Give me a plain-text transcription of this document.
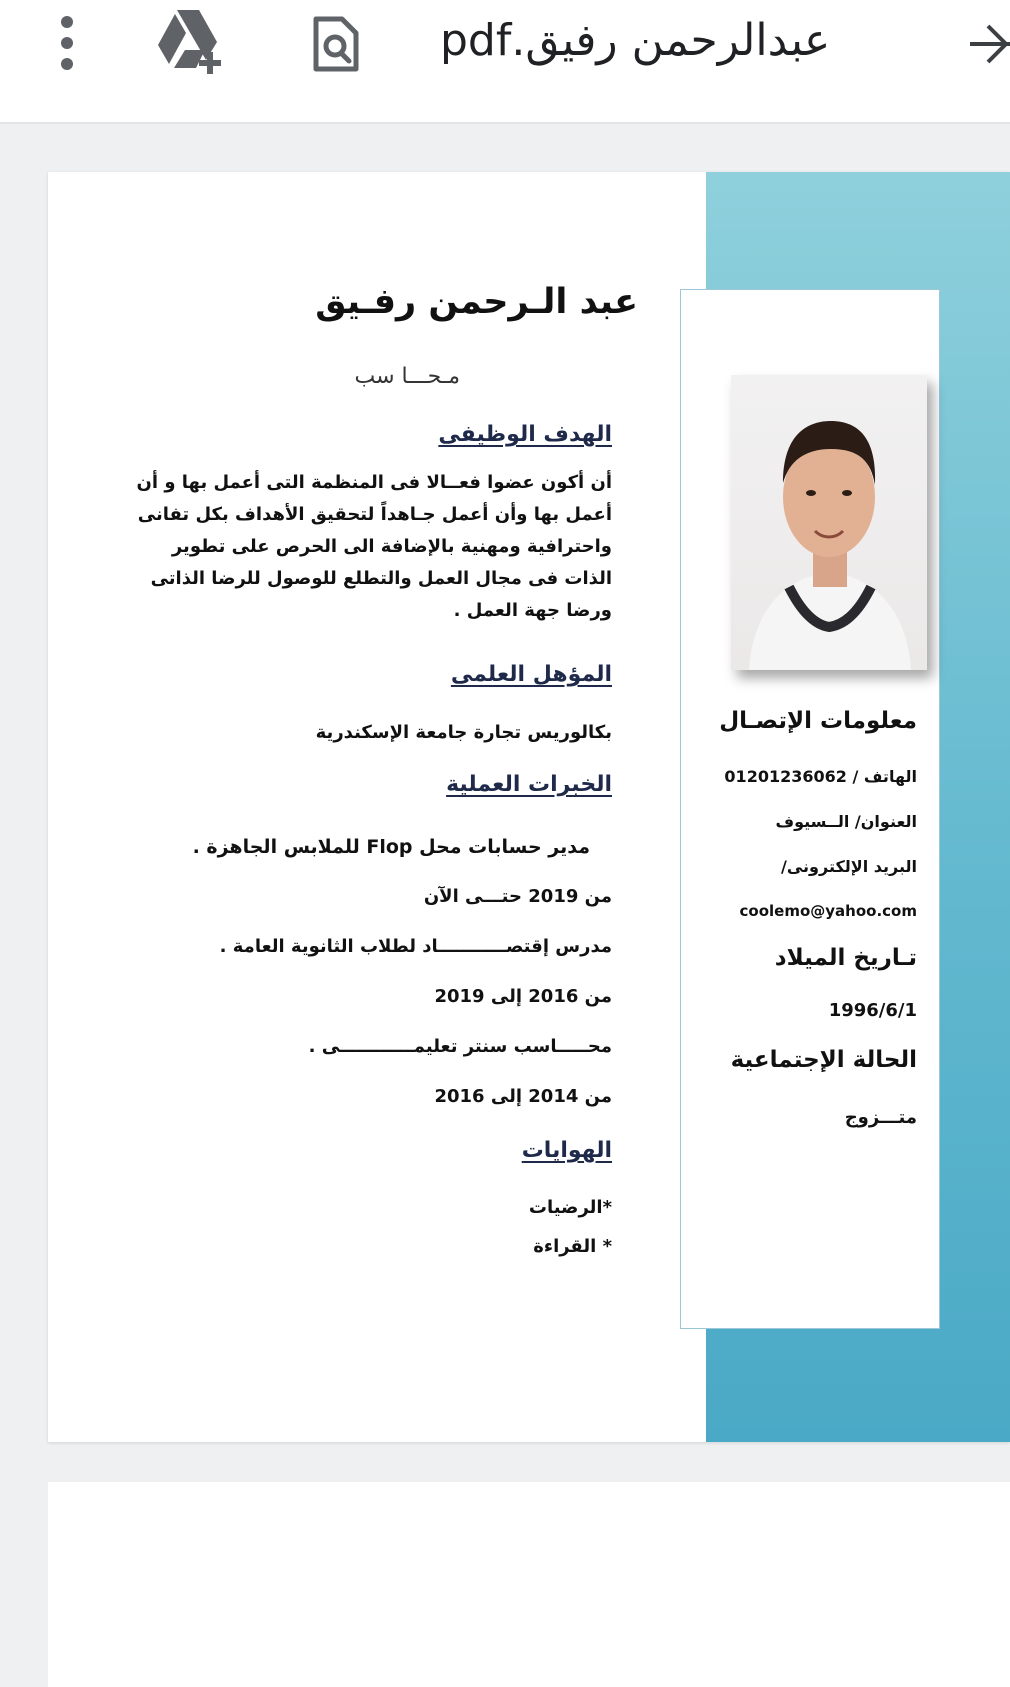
عبدالرحمن رفيق.pdf
معلومات الإتصـال
الهاتف / 01201236062
العنوان/ الــسيوف
البريد الإلكترونى/
coolemo@yahoo.com
تـاريخ الميلاد
1996/6/1
الحالة الإجتماعية
متـــزوج
عبد الـرحمن رفـيق
مـحـــا سب
الهدف الوظيفى
أن أكون عضوا فعــالا فى المنظمة التى أعمل بها و أن أعمل بها وأن أعمل جـاهداً لتحقيق الأهداف بكل تفانى واحترافية ومهنية بالإضافة الى الحرص على تطوير الذات فى مجال العمل والتطلع للوصول للرضا الذاتى ورضا جهة العمل .
المؤهل العلمى
بكالوريس تجارة جامعة الإسكندرية
الخبرات العملية
مدير حسابات محل Flop للملابس الجاهزة .
من 2019 حتـــى الآن
مدرس إقتصـــــــــــاد لطلاب الثانوية العامة .
من 2016 إلى 2019
محـــــاسب سنتر تعليمــــــــــــى .
من 2014 إلى 2016
الهوايات
*الرضيات
* القراءة
